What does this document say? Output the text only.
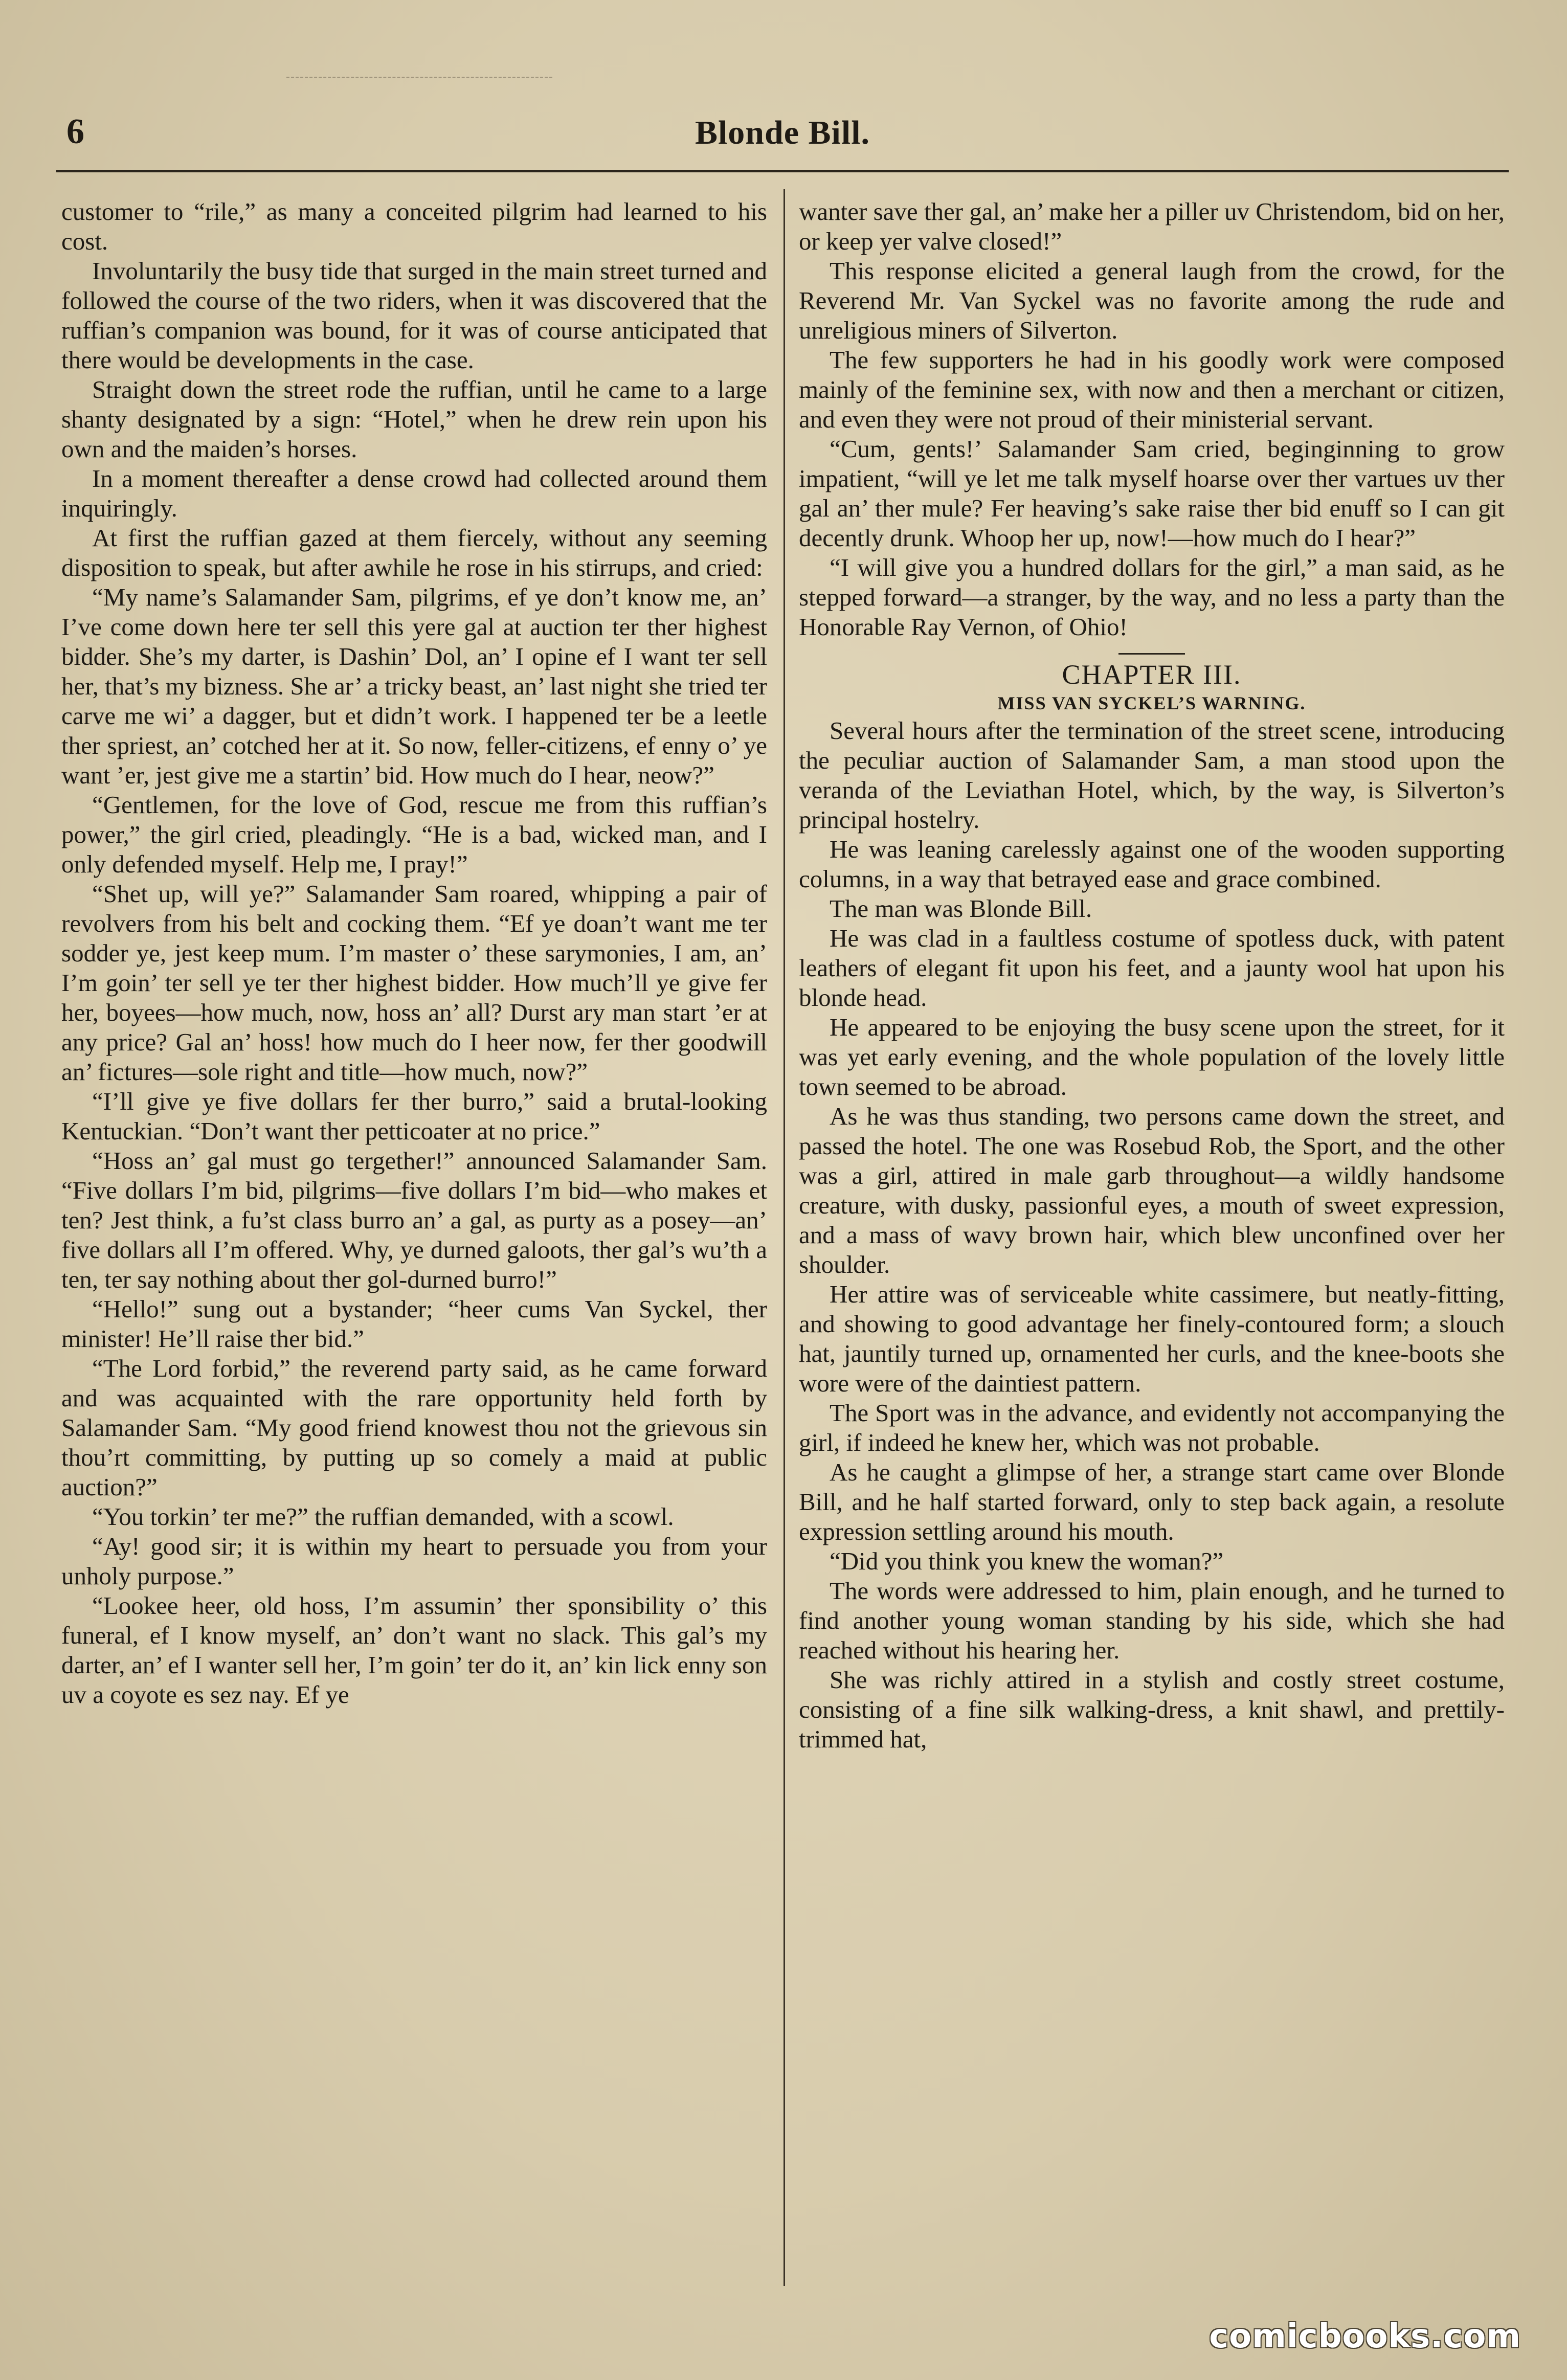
6	Blonde Bill.

customer to “rile,” as many a conceited pilgrim had learned to his cost.

Involuntarily the busy tide that surged in the main street turned and followed the course of the two riders, when it was discovered that the ruffian’s companion was bound, for it was of course anticipated that there would be developments in the case.

Straight down the street rode the ruffian, until he came to a large shanty designated by a sign: “Hotel,” when he drew rein upon his own and the maiden’s horses.

In a moment thereafter a dense crowd had collected around them inquiringly.

At first the ruffian gazed at them fiercely, without any seeming disposition to speak, but after awhile he rose in his stirrups, and cried:

“My name’s Salamander Sam, pilgrims, ef ye don’t know me, an’ I’ve come down here ter sell this yere gal at auction ter ther highest bidder. She’s my darter, is Dashin’ Dol, an’ I opine ef I want ter sell her, that’s my bizness. She ar’ a tricky beast, an’ last night she tried ter carve me wi’ a dagger, but et didn’t work. I happened ter be a leetle ther spriest, an’ cotched her at it. So now, feller-citizens, ef enny o’ ye want ’er, jest give me a startin’ bid. How much do I hear, neow?”

“Gentlemen, for the love of God, rescue me from this ruffian’s power,” the girl cried, pleadingly. “He is a bad, wicked man, and I only defended myself. Help me, I pray!”

“Shet up, will ye?” Salamander Sam roared, whipping a pair of revolvers from his belt and cocking them. “Ef ye doan’t want me ter sodder ye, jest keep mum. I’m master o’ these sarymonies, I am, an’ I’m goin’ ter sell ye ter ther highest bidder. How much’ll ye give fer her, boyees—how much, now, hoss an’ all? Durst ary man start ’er at any price? Gal an’ hoss! how much do I heer now, fer ther goodwill an’ fictures—sole right and title—how much, now?”

“I’ll give ye five dollars fer ther burro,” said a brutal-looking Kentuckian. “Don’t want ther petticoater at no price.”

“Hoss an’ gal must go tergether!” announced Salamander Sam. “Five dollars I’m bid, pilgrims—five dollars I’m bid—who makes et ten? Jest think, a fu’st class burro an’ a gal, as purty as a posey—an’ five dollars all I’m offered. Why, ye durned galoots, ther gal’s wu’th a ten, ter say nothing about ther gol-durned burro!”

“Hello!” sung out a bystander; “heer cums Van Syckel, ther minister! He’ll raise ther bid.”

“The Lord forbid,” the reverend party said, as he came forward and was acquainted with the rare opportunity held forth by Salamander Sam. “My good friend knowest thou not the grievous sin thou’rt committing, by putting up so comely a maid at public auction?”

“You torkin’ ter me?” the ruffian demanded, with a scowl.

“Ay! good sir; it is within my heart to persuade you from your unholy purpose.”

“Lookee heer, old hoss, I’m assumin’ ther sponsibility o’ this funeral, ef I know myself, an’ don’t want no slack. This gal’s my darter, an’ ef I wanter sell her, I’m goin’ ter do it, an’ kin lick enny son uv a coyote es sez nay. Ef ye

wanter save ther gal, an’ make her a piller uv Christendom, bid on her, or keep yer valve closed!”

This response elicited a general laugh from the crowd, for the Reverend Mr. Van Syckel was no favorite among the rude and unreligious miners of Silverton.

The few supporters he had in his goodly work were composed mainly of the feminine sex, with now and then a merchant or citizen, and even they were not proud of their ministerial servant.

“Cum, gents!’ Salamander Sam cried, beginginning to grow impatient, “will ye let me talk myself hoarse over ther vartues uv ther gal an’ ther mule? Fer heaving’s sake raise ther bid enuff so I can git decently drunk. Whoop her up, now!—how much do I hear?”

“I will give you a hundred dollars for the girl,” a man said, as he stepped forward—a stranger, by the way, and no less a party than the Honorable Ray Vernon, of Ohio!

CHAPTER III.
MISS VAN SYCKEL’S WARNING.

Several hours after the termination of the street scene, introducing the peculiar auction of Salamander Sam, a man stood upon the veranda of the Leviathan Hotel, which, by the way, is Silverton’s principal hostelry.

He was leaning carelessly against one of the wooden supporting columns, in a way that betrayed ease and grace combined.

The man was Blonde Bill.

He was clad in a faultless costume of spotless duck, with patent leathers of elegant fit upon his feet, and a jaunty wool hat upon his blonde head.

He appeared to be enjoying the busy scene upon the street, for it was yet early evening, and the whole population of the lovely little town seemed to be abroad.

As he was thus standing, two persons came down the street, and passed the hotel. The one was Rosebud Rob, the Sport, and the other was a girl, attired in male garb throughout—a wildly handsome creature, with dusky, passionful eyes, a mouth of sweet expression, and a mass of wavy brown hair, which blew unconfined over her shoulder.

Her attire was of serviceable white cassimere, but neatly-fitting, and showing to good advantage her finely-contoured form; a slouch hat, jauntily turned up, ornamented her curls, and the knee-boots she wore were of the daintiest pattern.

The Sport was in the advance, and evidently not accompanying the girl, if indeed he knew her, which was not probable.

As he caught a glimpse of her, a strange start came over Blonde Bill, and he half started forward, only to step back again, a resolute expression settling around his mouth.

“Did you think you knew the woman?”

The words were addressed to him, plain enough, and he turned to find another young woman standing by his side, which she had reached without his hearing her.

She was richly attired in a stylish and costly street costume, consisting of a fine silk walking-dress, a knit shawl, and prettily-trimmed hat,

comicbooks.com
